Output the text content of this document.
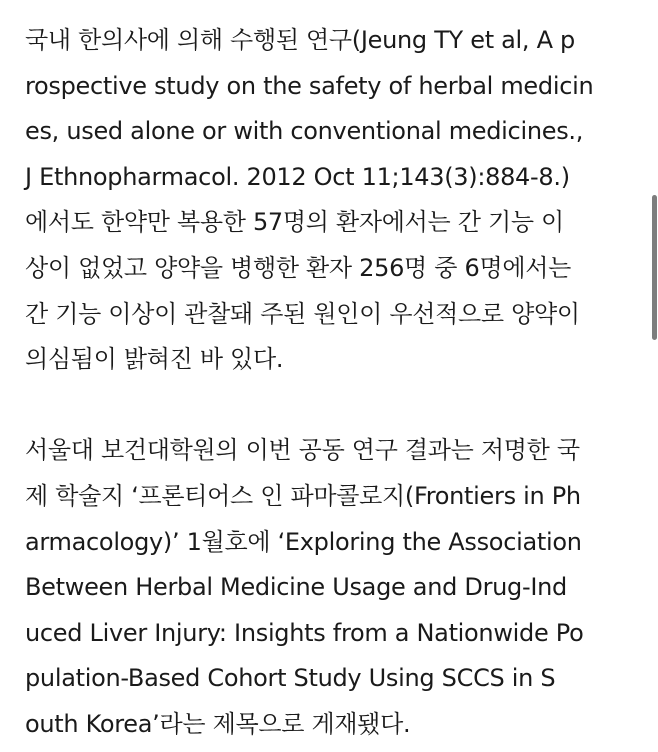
국내 한의사에 의해 수행된 연구(Jeung TY et al, A p
rospective study on the safety of herbal medicin
es, used alone or with conventional medicines.,
J Ethnopharmacol. 2012 Oct 11;143(3):884-8.)
에서도 한약만 복용한 57명의 환자에서는 간 기능 이
상이 없었고 양약을 병행한 환자 256명 중 6명에서는
간 기능 이상이 관찰돼 주된 원인이 우선적으로 양약이
의심됨이 밝혀진 바 있다.
서울대 보건대학원의 이번 공동 연구 결과는 저명한 국
제 학술지 ‘프론티어스 인 파마콜로지(Frontiers in Ph
armacology)’ 1월호에 ‘Exploring the Association
Between Herbal Medicine Usage and Drug-Ind
uced Liver Injury: Insights from a Nationwide Po
pulation-Based Cohort Study Using SCCS in S
outh Korea’라는 제목으로 게재됐다.
